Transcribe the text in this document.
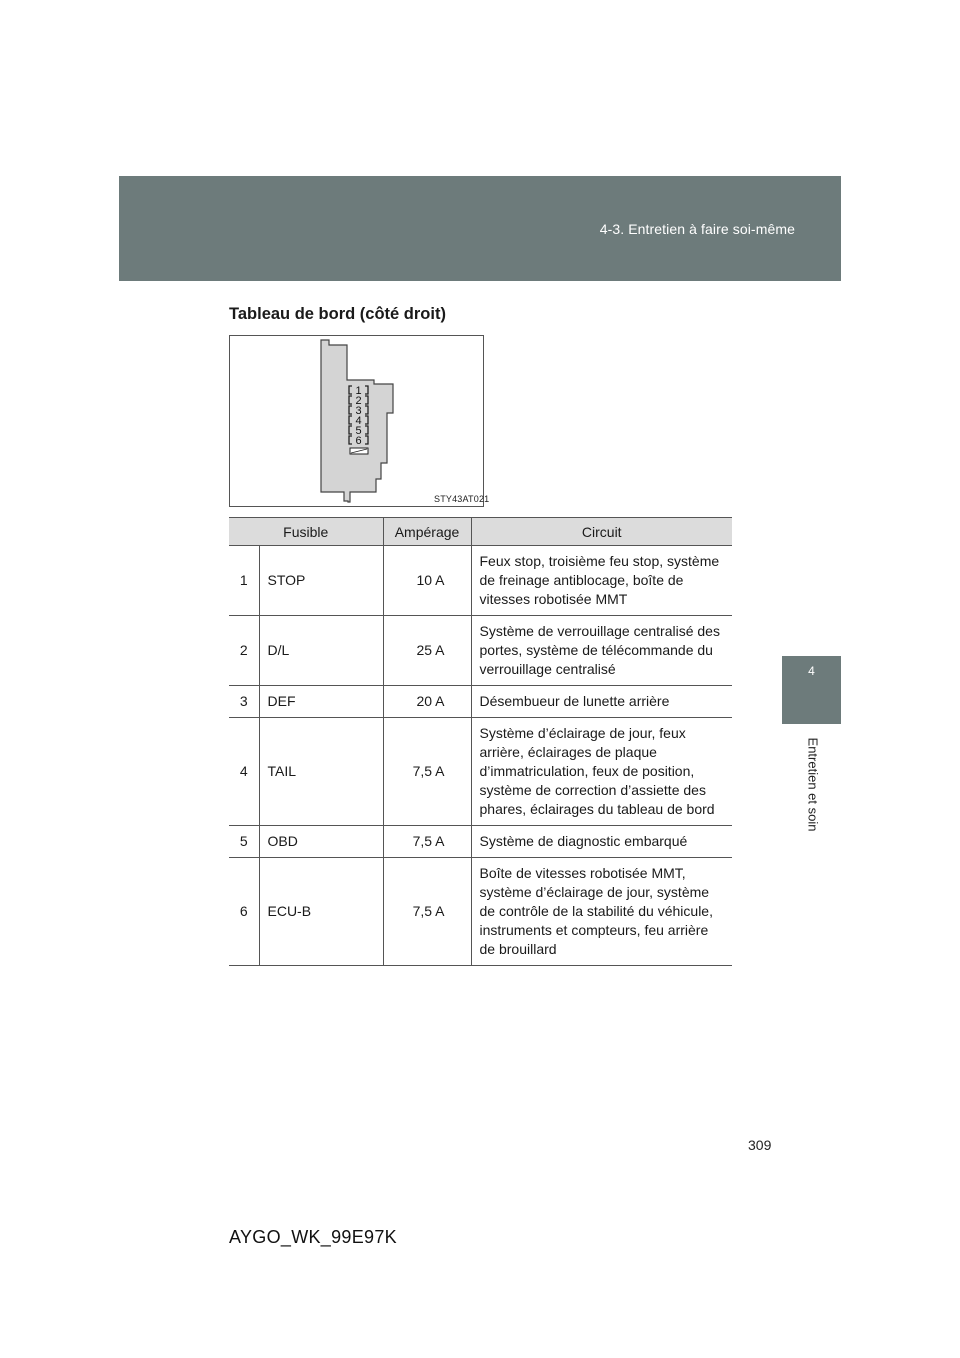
4-3. Entretien à faire soi-même
4
Entretien et soin
Tableau de bord (côté droit)
1
2
3
4
5
6
STY43AT021
Fusible		Ampérage	Circuit
1	STOP	10 A	Feux stop, troisième feu stop, système de freinage antiblocage, boîte de vitesses robotisée MMT
2	D/L	25 A	Système de verrouillage centralisé des portes, système de télécommande du verrouillage centralisé
3	DEF	20 A	Désembueur de lunette arrière
4	TAIL	7,5 A	Système d’éclairage de jour, feux arrière, éclairages de plaque d’immatriculation, feux de position, système de correction d’assiette des phares, éclairages du tableau de bord
5	OBD	7,5 A	Système de diagnostic embarqué
6	ECU-B	7,5 A	Boîte de vitesses robotisée MMT, système d’éclairage de jour, système de contrôle de la stabilité du véhicule, instruments et compteurs, feu arrière de brouillard
309
AYGO_WK_99E97K
